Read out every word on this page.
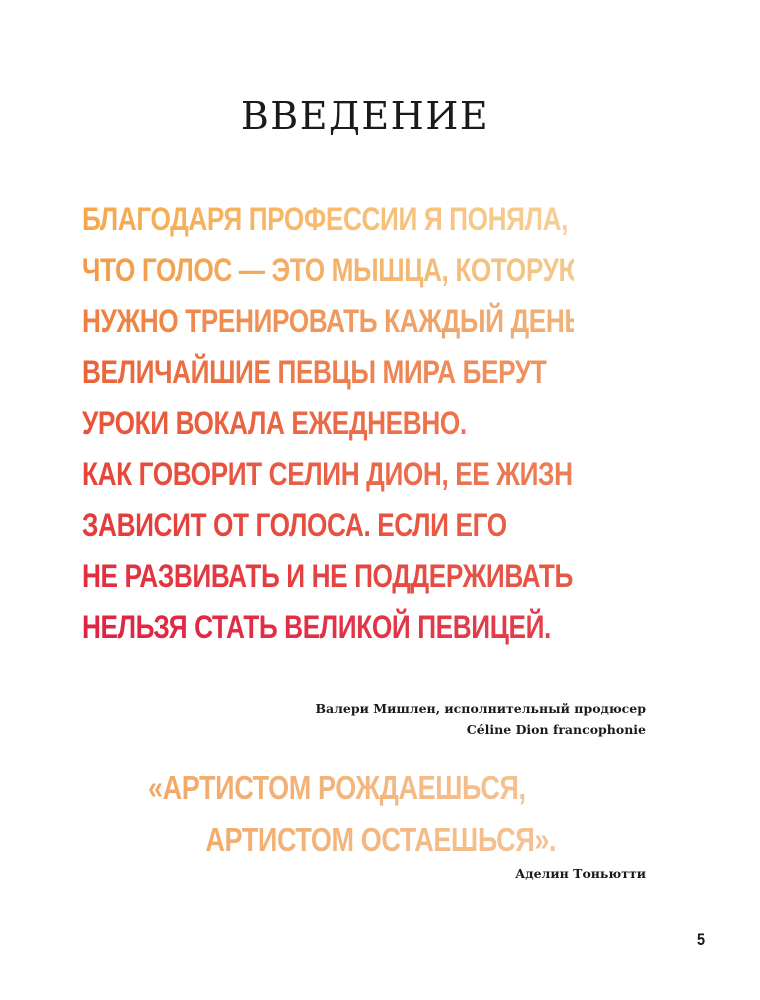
ВВЕДЕНИЕ
БЛАГОДАРЯ ПРОФЕССИИ Я ПОНЯЛА,
ЧТО ГОЛОС — ЭТО МЫШЦА, КОТОРУЮ
НУЖНО ТРЕНИРОВАТЬ КАЖДЫЙ ДЕНЬ.
ВЕЛИЧАЙШИЕ ПЕВЦЫ МИРА БЕРУТ
УРОКИ ВОКАЛА ЕЖЕДНЕВНО.
КАК ГОВОРИТ СЕЛИН ДИОН, ЕЕ ЖИЗНЬ
ЗАВИСИТ ОТ ГОЛОСА. ЕСЛИ ЕГО
НЕ РАЗВИВАТЬ И НЕ ПОДДЕРЖИВАТЬ,
НЕЛЬЗЯ СТАТЬ ВЕЛИКОЙ ПЕВИЦЕЙ.
Валери Мишлен, исполнительный продюсер
Céline Dion francophonie
«АРТИСТОМ РОЖДАЕШЬСЯ,
АРТИСТОМ ОСТАЕШЬСЯ».
Аделин Тоньютти
5
